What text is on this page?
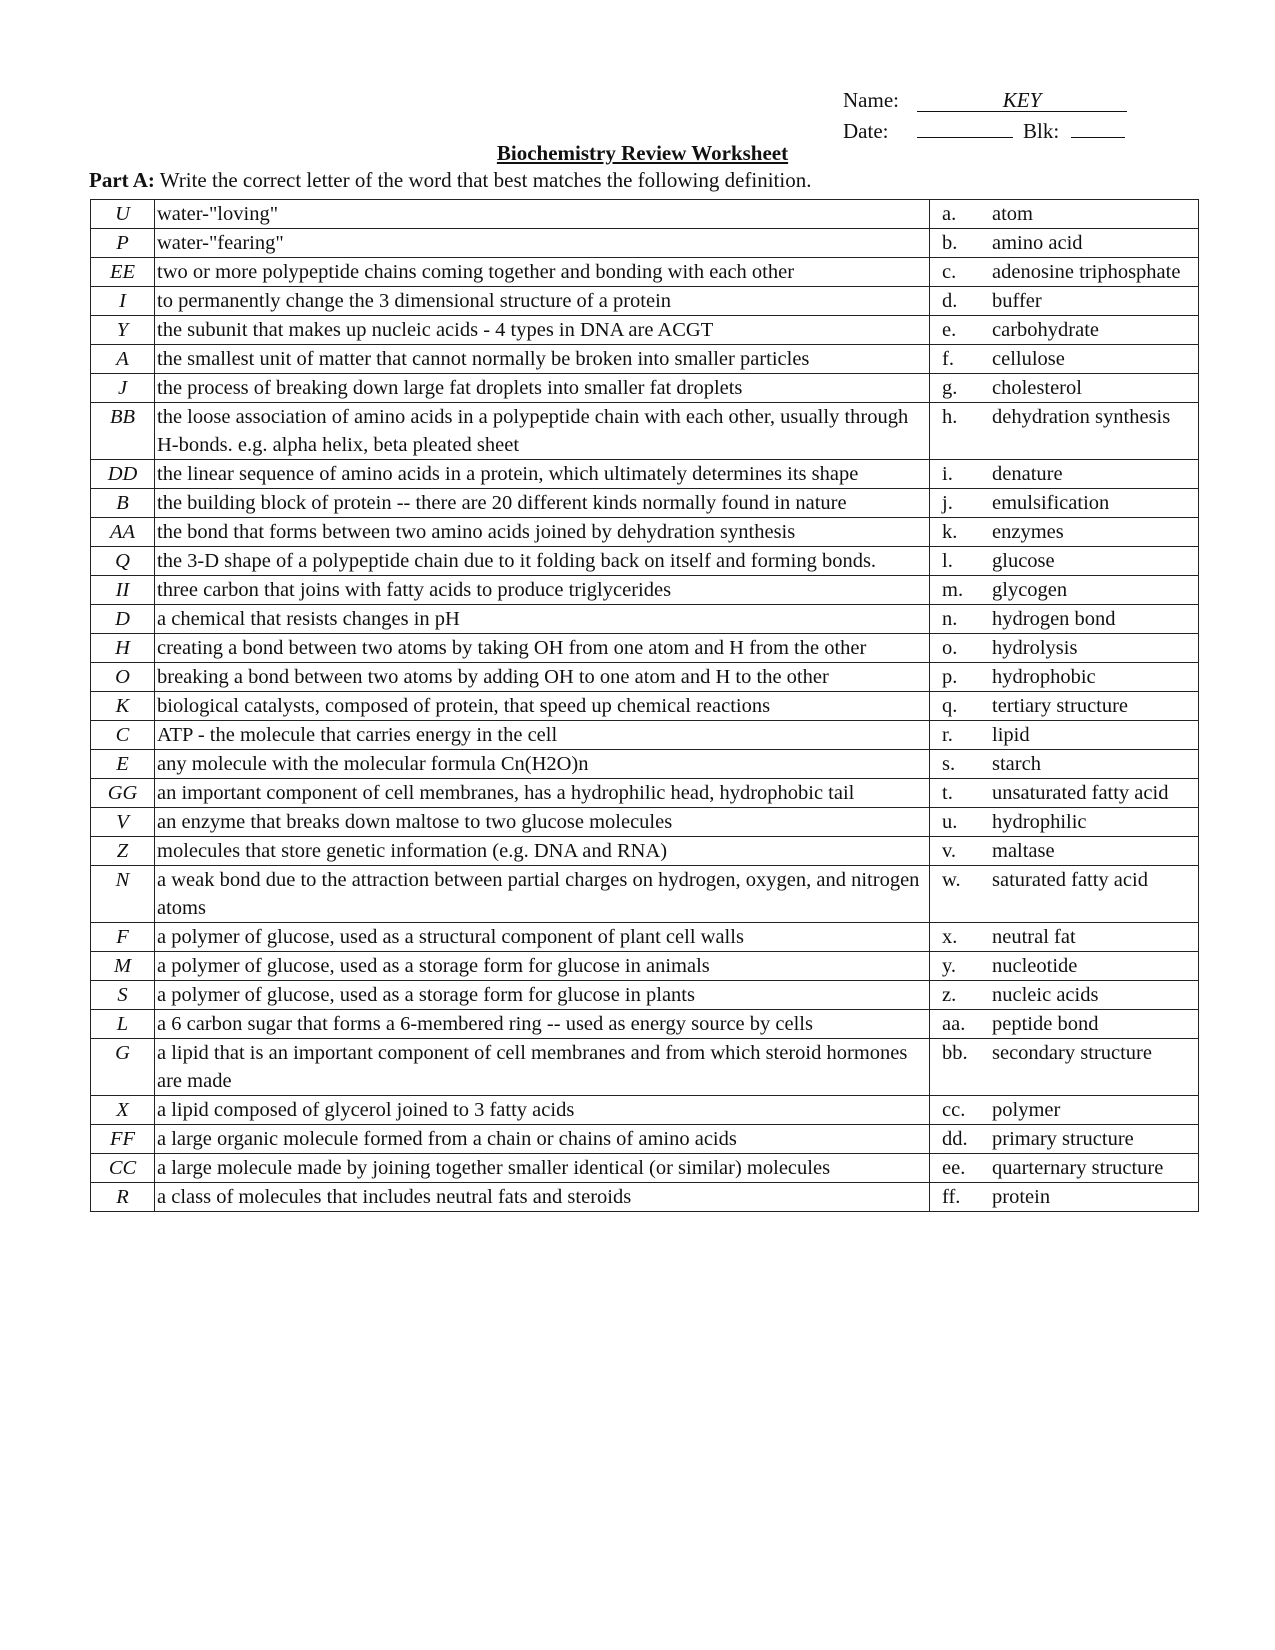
Name:	KEY
Date:	Blk:
Biochemistry Review Worksheet
Part A: Write the correct letter of the word that best matches the following definition.
U	water-"loving"	a. atom

P	water-"fearing"	b. amino acid

EE	two or more polypeptide chains coming together and bonding with each other	c. adenosine triphosphate

I	to permanently change the 3 dimensional structure of a protein	d. buffer

Y	the subunit that makes up nucleic acids - 4 types in DNA are ACGT	e. carbohydrate

A	the smallest unit of matter that cannot normally be broken into smaller particles	f. cellulose

J	the process of breaking down large fat droplets into smaller fat droplets	g. cholesterol

BB	the loose association of amino acids in a polypeptide chain with each other, usually through H-bonds. e.g. alpha helix, beta pleated sheet	h. dehydration synthesis

DD	the linear sequence of amino acids in a protein, which ultimately determines its shape	i. denature

B	the building block of protein -- there are 20 different kinds normally found in nature	j. emulsification

AA	the bond that forms between two amino acids joined by dehydration synthesis	k. enzymes

Q	the 3-D shape of a polypeptide chain due to it folding back on itself and forming bonds.	l. glucose

II	three carbon that joins with fatty acids to produce triglycerides	m. glycogen

D	a chemical that resists changes in pH	n. hydrogen bond

H	creating a bond between two atoms by taking OH from one atom and H from the other	o. hydrolysis

O	breaking a bond between two atoms by adding OH to one atom and H to the other	p. hydrophobic

K	biological catalysts, composed of protein, that speed up chemical reactions	q. tertiary structure

C	ATP - the molecule that carries energy in the cell	r. lipid

E	any molecule with the molecular formula Cn(H2O)n	s. starch

GG	an important component of cell membranes, has a hydrophilic head, hydrophobic tail	t. unsaturated fatty acid

V	an enzyme that breaks down maltose to two glucose molecules	u. hydrophilic

Z	molecules that store genetic information (e.g. DNA and RNA)	v. maltase

N	a weak bond due to the attraction between partial charges on hydrogen, oxygen, and nitrogen atoms	w. saturated fatty acid

F	a polymer of glucose, used as a structural component of plant cell walls	x. neutral fat

M	a polymer of glucose, used as a storage form for glucose in animals	y. nucleotide

S	a polymer of glucose, used as a storage form for glucose in plants	z. nucleic acids

L	a 6 carbon sugar that forms a 6-membered ring -- used as energy source by cells	aa. peptide bond

G	a lipid that is an important component of cell membranes and from which steroid hormones are made	bb. secondary structure

X	a lipid composed of glycerol joined to 3 fatty acids	cc. polymer

FF	a large organic molecule formed from a chain or chains of amino acids	dd. primary structure

CC	a large molecule made by joining together smaller identical (or similar) molecules	ee. quarternary structure

R	a class of molecules that includes neutral fats and steroids	ff. protein
